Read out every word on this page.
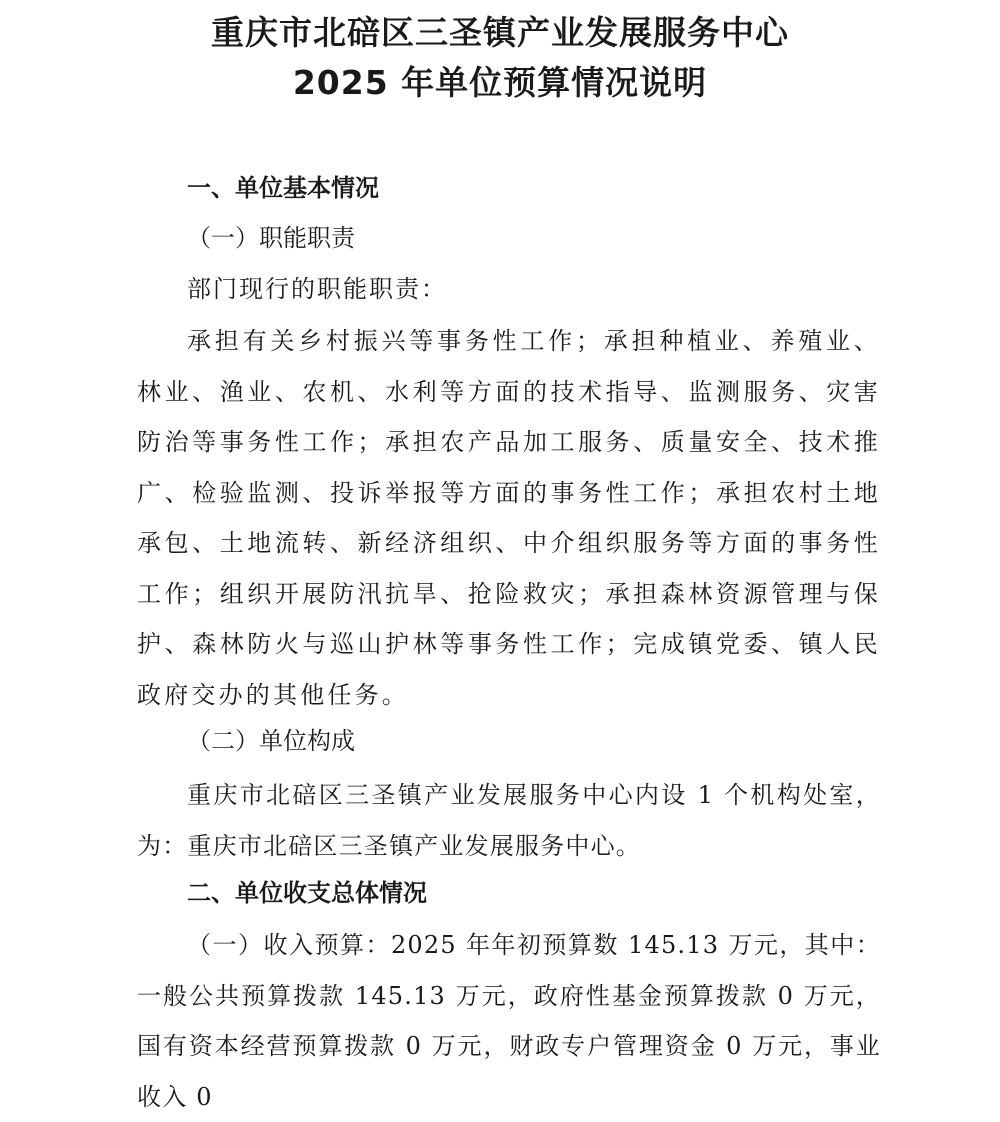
重庆市北碚区三圣镇产业发展服务中心
2025 年单位预算情况说明
一、单位基本情况
（一）职能职责
部门现行的职能职责：

承担有关乡村振兴等事务性工作；承担种植业、养殖业、林业、渔业、农机、水利等方面的技术指导、监测服务、灾害防治等事务性工作；承担农产品加工服务、质量安全、技术推广、检验监测、投诉举报等方面的事务性工作；承担农村土地承包、土地流转、新经济组织、中介组织服务等方面的事务性工作；组织开展防汛抗旱、抢险救灾；承担森林资源管理与保护、森林防火与巡山护林等事务性工作；完成镇党委、镇人民政府交办的其他任务。

（二）单位构成

重庆市北碚区三圣镇产业发展服务中心内设 1 个机构处室，为：重庆市北碚区三圣镇产业发展服务中心。

二、单位收支总体情况

（一）收入预算：2025 年年初预算数 145.13 万元，其中：一般公共预算拨款 145.13 万元，政府性基金预算拨款 0 万元，国有资本经营预算拨款 0 万元，财政专户管理资金 0 万元，事业收入 0
